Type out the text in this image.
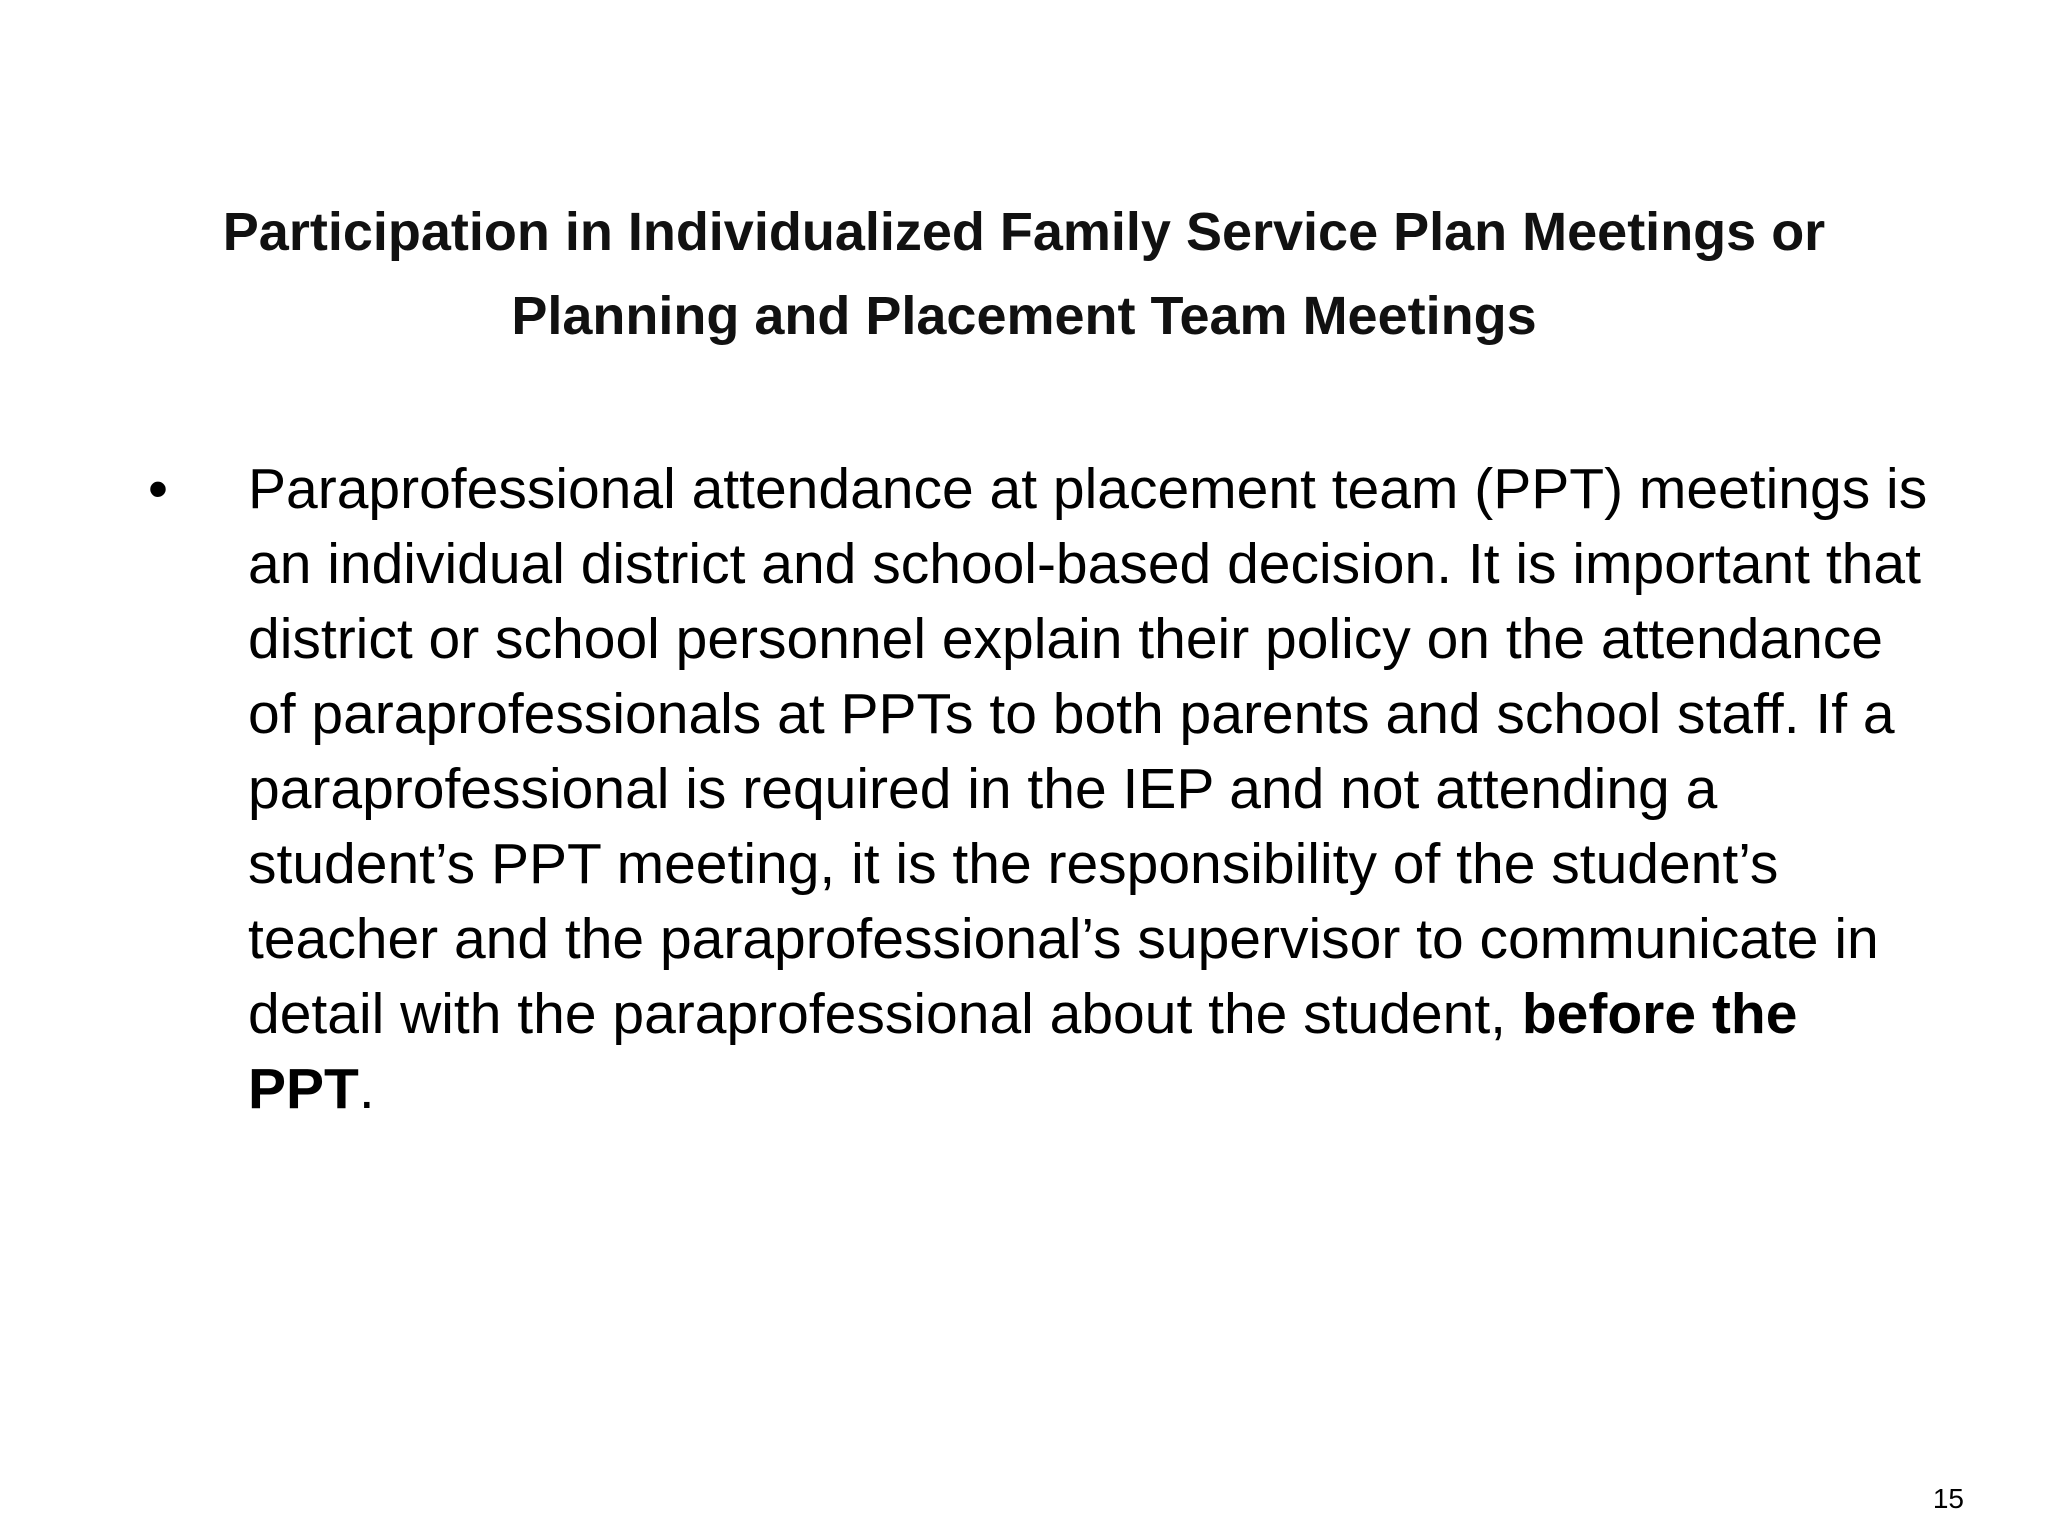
Participation in Individualized Family Service Plan Meetings or
Planning and Placement Team Meetings
•	Paraprofessional attendance at placement team (PPT) meetings is an individual district and school-based decision. It is important that district or school personnel explain their policy on the attendance of paraprofessionals at PPTs to both parents and school staff. If a paraprofessional is required in the IEP and not attending a student’s PPT meeting, it is the responsibility of the student’s teacher and the paraprofessional’s supervisor to communicate in detail with the paraprofessional about the student, before the PPT.
15
